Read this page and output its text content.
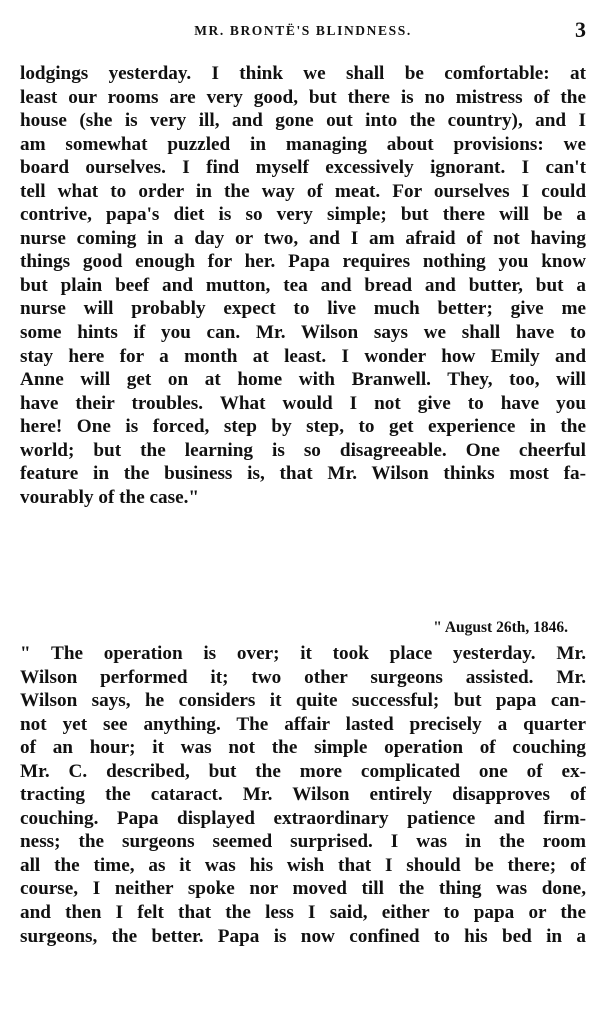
MR. BRONTË'S BLINDNESS.	3
lodgings yesterday. I think we shall be comfortable: at
least our rooms are very good, but there is no mistress of the
house (she is very ill, and gone out into the country), and I
am somewhat puzzled in managing about provisions: we
board ourselves. I find myself excessively ignorant. I can't
tell what to order in the way of meat. For ourselves I could
contrive, papa's diet is so very simple; but there will be a
nurse coming in a day or two, and I am afraid of not having
things good enough for her. Papa requires nothing you know
but plain beef and mutton, tea and bread and butter, but a
nurse will probably expect to live much better; give me
some hints if you can. Mr. Wilson says we shall have to
stay here for a month at least. I wonder how Emily and
Anne will get on at home with Branwell. They, too, will
have their troubles. What would I not give to have you
here! One is forced, step by step, to get experience in the
world; but the learning is so disagreeable. One cheerful
feature in the business is, that Mr. Wilson thinks most fa-
vourably of the case."
" August 26th, 1846.
" The operation is over; it took place yesterday. Mr.
Wilson performed it; two other surgeons assisted. Mr.
Wilson says, he considers it quite successful; but papa can-
not yet see anything. The affair lasted precisely a quarter
of an hour; it was not the simple operation of couching
Mr. C. described, but the more complicated one of ex-
tracting the cataract. Mr. Wilson entirely disapproves of
couching. Papa displayed extraordinary patience and firm-
ness; the surgeons seemed surprised. I was in the room
all the time, as it was his wish that I should be there; of
course, I neither spoke nor moved till the thing was done,
and then I felt that the less I said, either to papa or the
surgeons, the better. Papa is now confined to his bed in a
